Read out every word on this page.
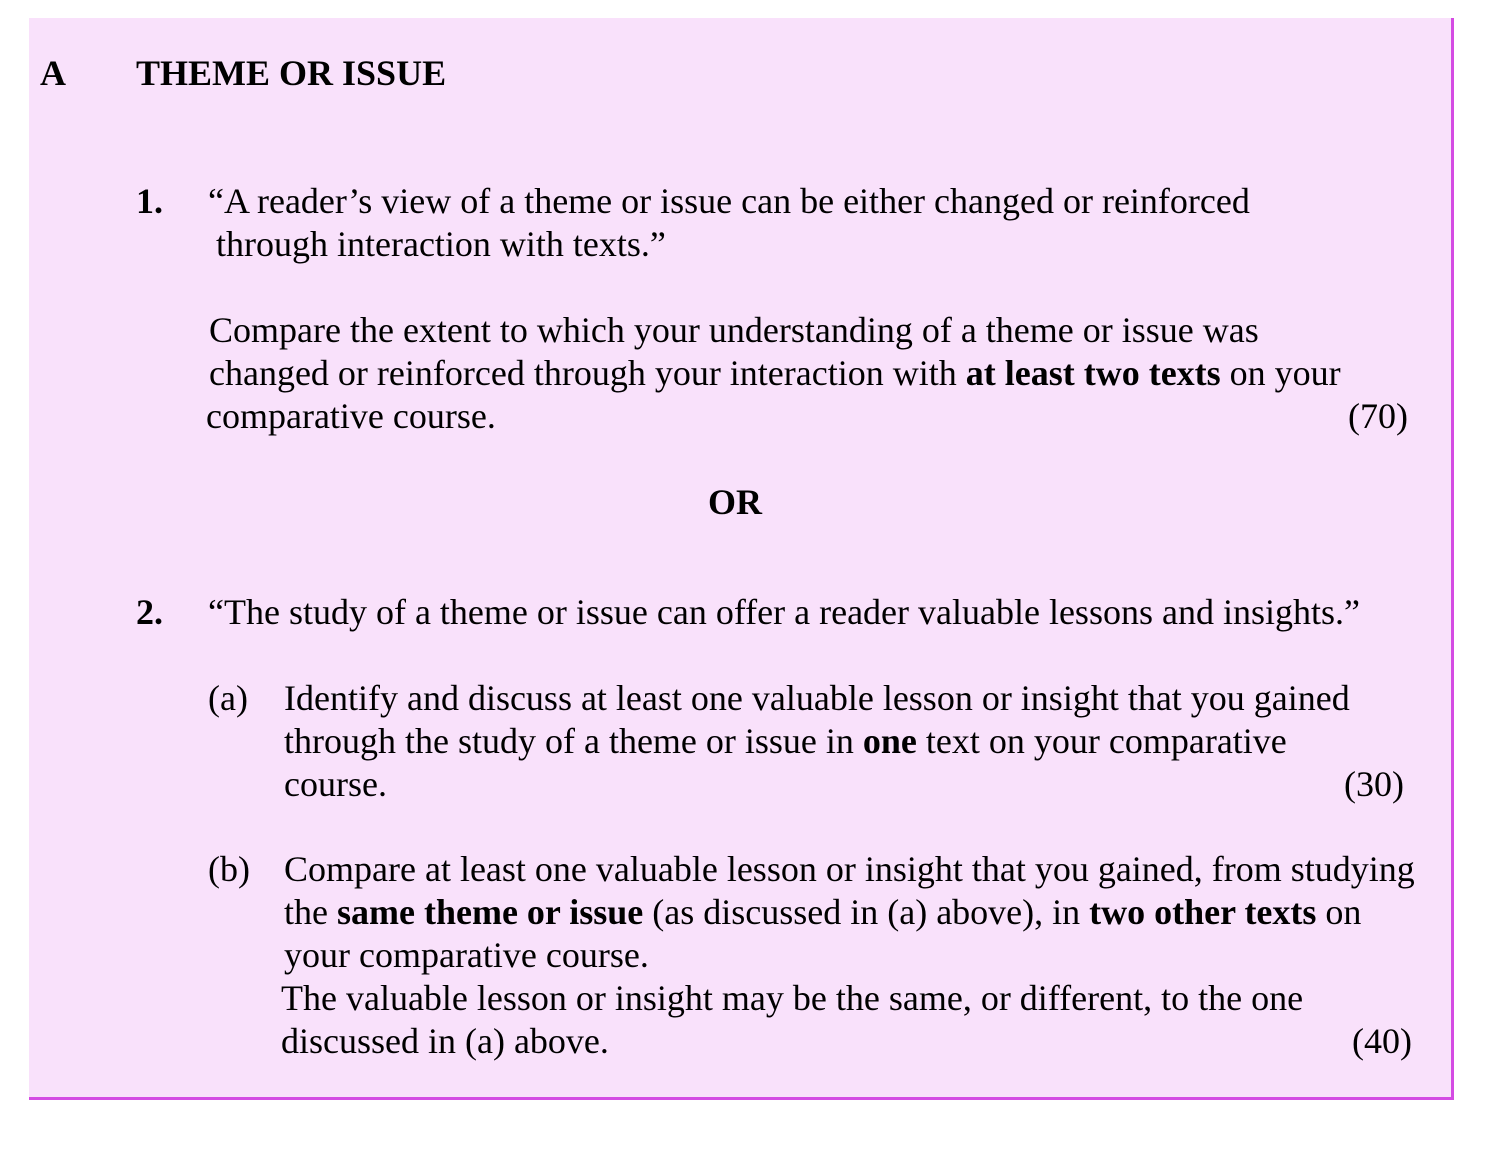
A THEME OR ISSUE
1. “A reader’s view of a theme or issue can be either changed or reinforced
through interaction with texts.”
Compare the extent to which your understanding of a theme or issue was
changed or reinforced through your interaction with at least two texts on your
comparative course.	(70)
OR
2. “The study of a theme or issue can offer a reader valuable lessons and insights.”
(a) Identify and discuss at least one valuable lesson or insight that you gained
through the study of a theme or issue in one text on your comparative
course.	(30)
(b) Compare at least one valuable lesson or insight that you gained, from studying
the same theme or issue (as discussed in (a) above), in two other texts on
your comparative course.
The valuable lesson or insight may be the same, or different, to the one
discussed in (a) above.	(40)
